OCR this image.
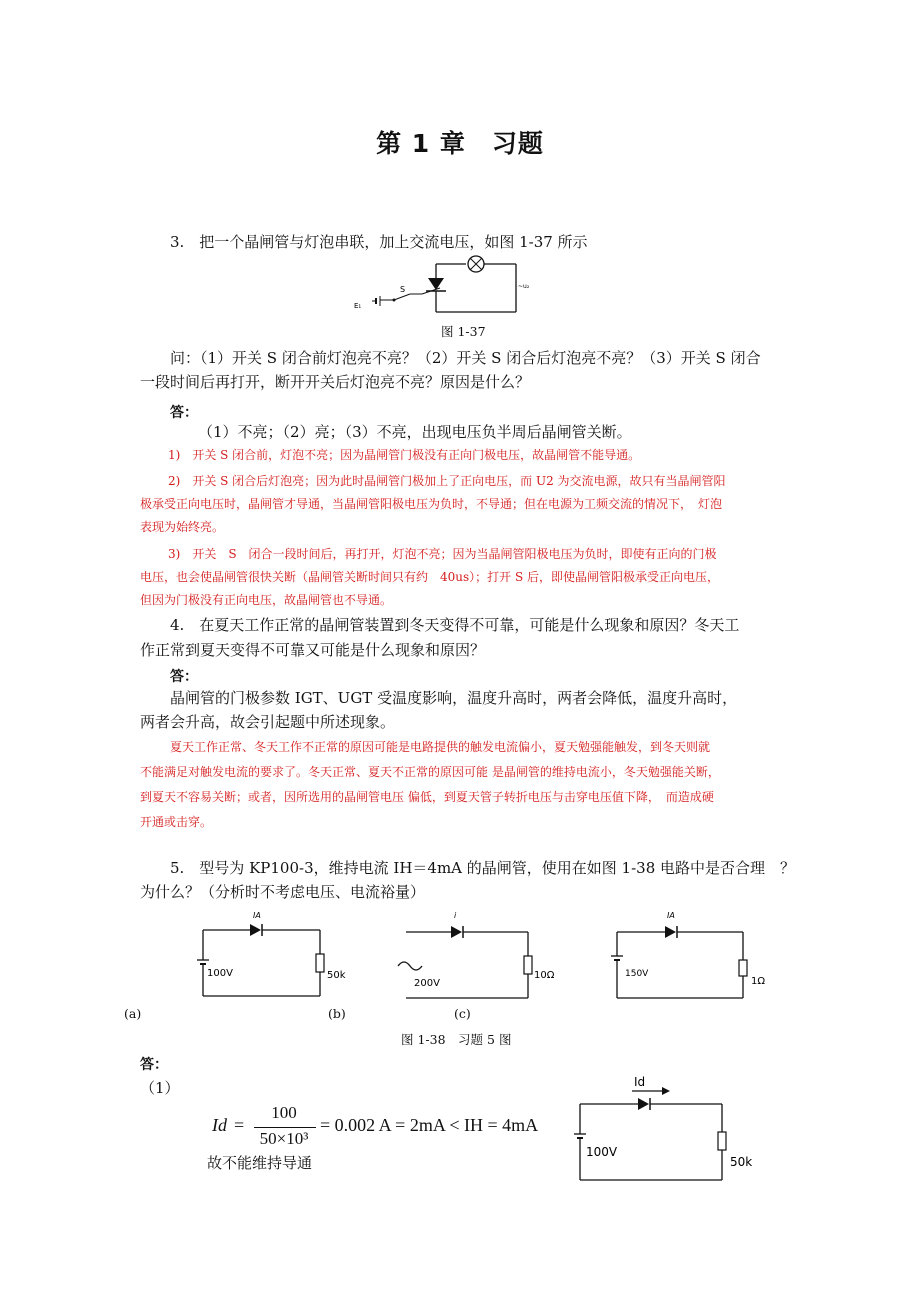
第 1 章　习题
3.　把一个晶闸管与灯泡串联，加上交流电压，如图 1-37 所示
S
E₁
~u₂
图 1-37
问：（1）开关 S 闭合前灯泡亮不亮？（2）开关 S 闭合后灯泡亮不亮？（3）开关 S 闭合
一段时间后再打开，断开开关后灯泡亮不亮？原因是什么？
答：
（1）不亮；（2）亮；（3）不亮，出现电压负半周后晶闸管关断。
1)　开关 S 闭合前，灯泡不亮；因为晶闸管门极没有正向门极电压，故晶闸管不能导通。
2)　开关 S 闭合后灯泡亮；因为此时晶闸管门极加上了正向电压，而 U2 为交流电源，故只有当晶闸管阳
极承受正向电压时，晶闸管才导通，当晶闸管阳极电压为负时，不导通；但在电源为工频交流的情况下，　灯泡
表现为始终亮。
3)　开关　S　闭合一段时间后，再打开，灯泡不亮；因为当晶闸管阳极电压为负时，即使有正向的门极
电压，也会使晶闸管很快关断（晶闸管关断时间只有约　40us）；打开 S 后，即使晶闸管阳极承受正向电压，
但因为门极没有正向电压，故晶闸管也不导通。
4.　在夏天工作正常的晶闸管装置到冬天变得不可靠，可能是什么现象和原因？冬天工
作正常到夏天变得不可靠又可能是什么现象和原因？
答：
晶闸管的门极参数 IGT、UGT 受温度影响，温度升高时，两者会降低，温度升高时，
两者会升高，故会引起题中所述现象。
夏天工作正常、冬天工作不正常的原因可能是电路提供的触发电流偏小，夏天勉强能触发，到冬天则就
不能满足对触发电流的要求了。冬天正常、夏天不正常的原因可能 是晶闸管的维持电流小，冬天勉强能关断，
到夏天不容易关断；或者，因所选用的晶闸管电压 偏低，到夏天管子转折电压与击穿电压值下降，　而造成硬
开通或击穿。
5.　型号为 KP100-3，维持电流 IH＝4mA 的晶闸管，使用在如图 1-38 电路中是否合理　？
为什么？（分析时不考虑电压、电流裕量）
100V	50k
IA
200V
10Ω
i
150V
1Ω
IA
(a)	(b)	(c)
图 1-38　习题 5 图
答：
（1）
Id =
100
50×10³
= 0.002 A = 2mA < IH = 4mA
故不能维持导通
Id
100V
50k
